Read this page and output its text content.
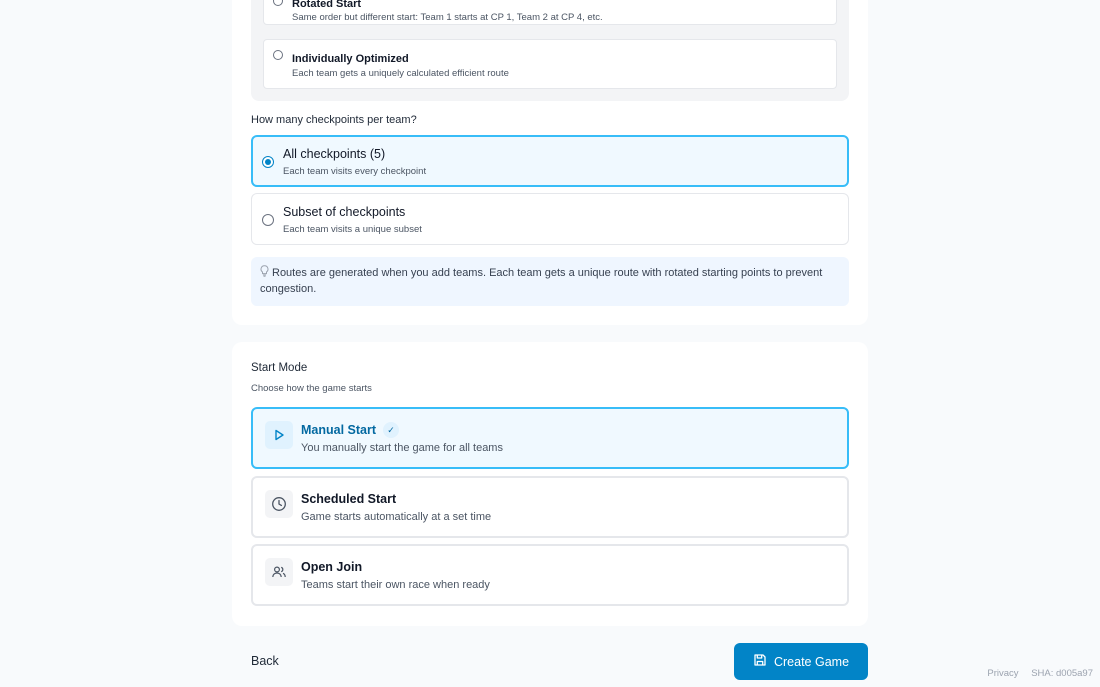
Rotated Start
Same order but different start: Team 1 starts at CP 1, Team 2 at CP 4, etc.
Individually Optimized
Each team gets a uniquely calculated efficient route
How many checkpoints per team?
All checkpoints (5)
Each team visits every checkpoint
Subset of checkpoints
Each team visits a unique subset
Routes are generated when you add teams. Each team gets a unique route with rotated starting points to prevent congestion.
Start Mode
Choose how the game starts
Manual Start	✓
You manually start the game for all teams
Scheduled Start
Game starts automatically at a set time
Open Join
Teams start their own race when ready
Back	Create Game
Privacy SHA: d005a97
